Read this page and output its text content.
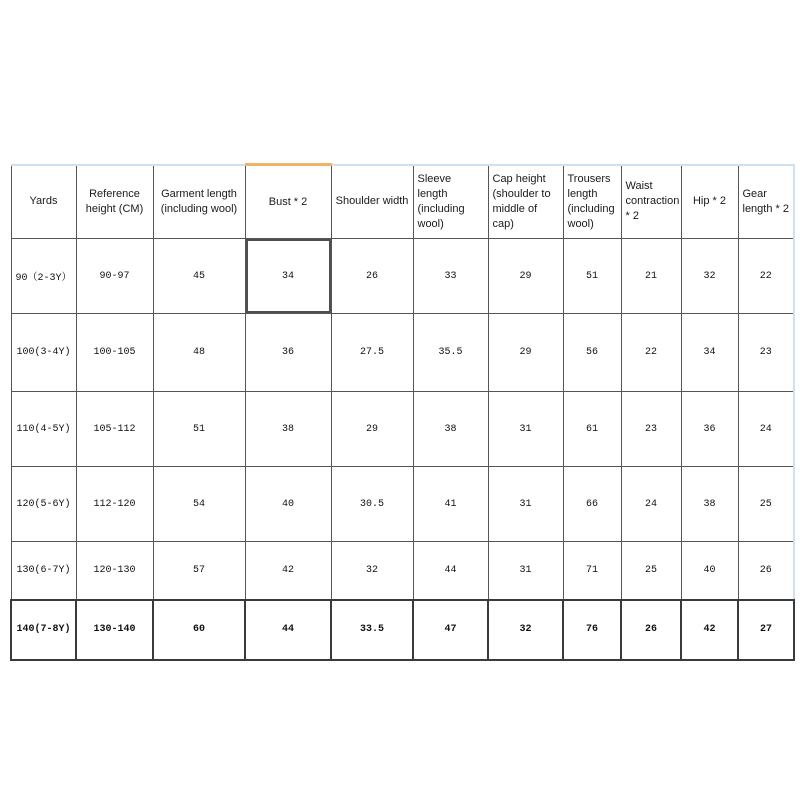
Yards	Reference height (CM)	Garment length (including wool)	Bust * 2	Shoulder width	Sleeve length (including wool)	Cap height (shoulder to middle of cap)	Trousers length (including wool)	Waist contraction * 2	Hip * 2	Gear length * 2
90（2-3Y）	90-97	45	34	26	33	29	51	21	32	22
100(3-4Y)	100-105	48	36	27.5	35.5	29	56	22	34	23
110(4-5Y)	105-112	51	38	29	38	31	61	23	36	24
120(5-6Y)	112-120	54	40	30.5	41	31	66	24	38	25
130(6-7Y)	120-130	57	42	32	44	31	71	25	40	26
140(7-8Y)	130-140	60	44	33.5	47	32	76	26	42	27
